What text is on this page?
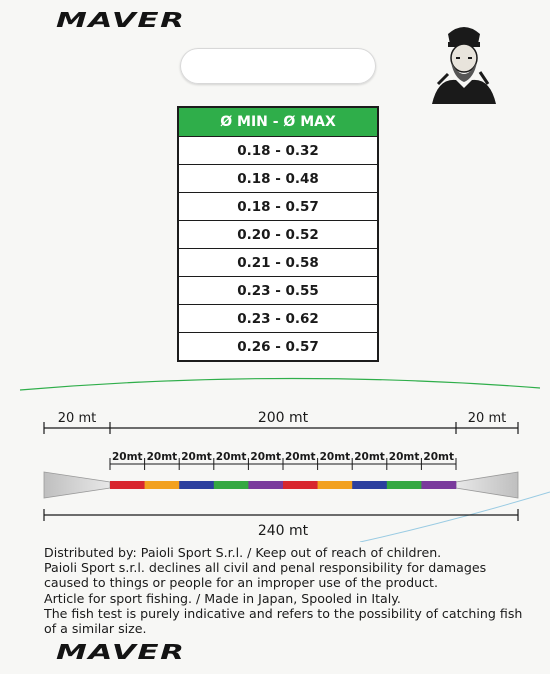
MAVER
Ø MIN - Ø MAX
0.18 - 0.32
0.18 - 0.48
0.18 - 0.57
0.20 - 0.52
0.21 - 0.58
0.23 - 0.55
0.23 - 0.62
0.26 - 0.57
20 mt	200 mt	20 mt
20mt 20mt 20mt 20mt 20mt 20mt 20mt 20mt 20mt 20mt
240 mt

Distributed by: Paioli Sport S.r.l. / Keep out of reach of children.

Paioli Sport s.r.l. declines all civil and penal responsibility for damages caused to things or people for an improper use of the product.

Article for sport fishing. / Made in Japan, Spooled in Italy.

The fish test is purely indicative and refers to the possibility of catching fish of a similar size.

MAVER
